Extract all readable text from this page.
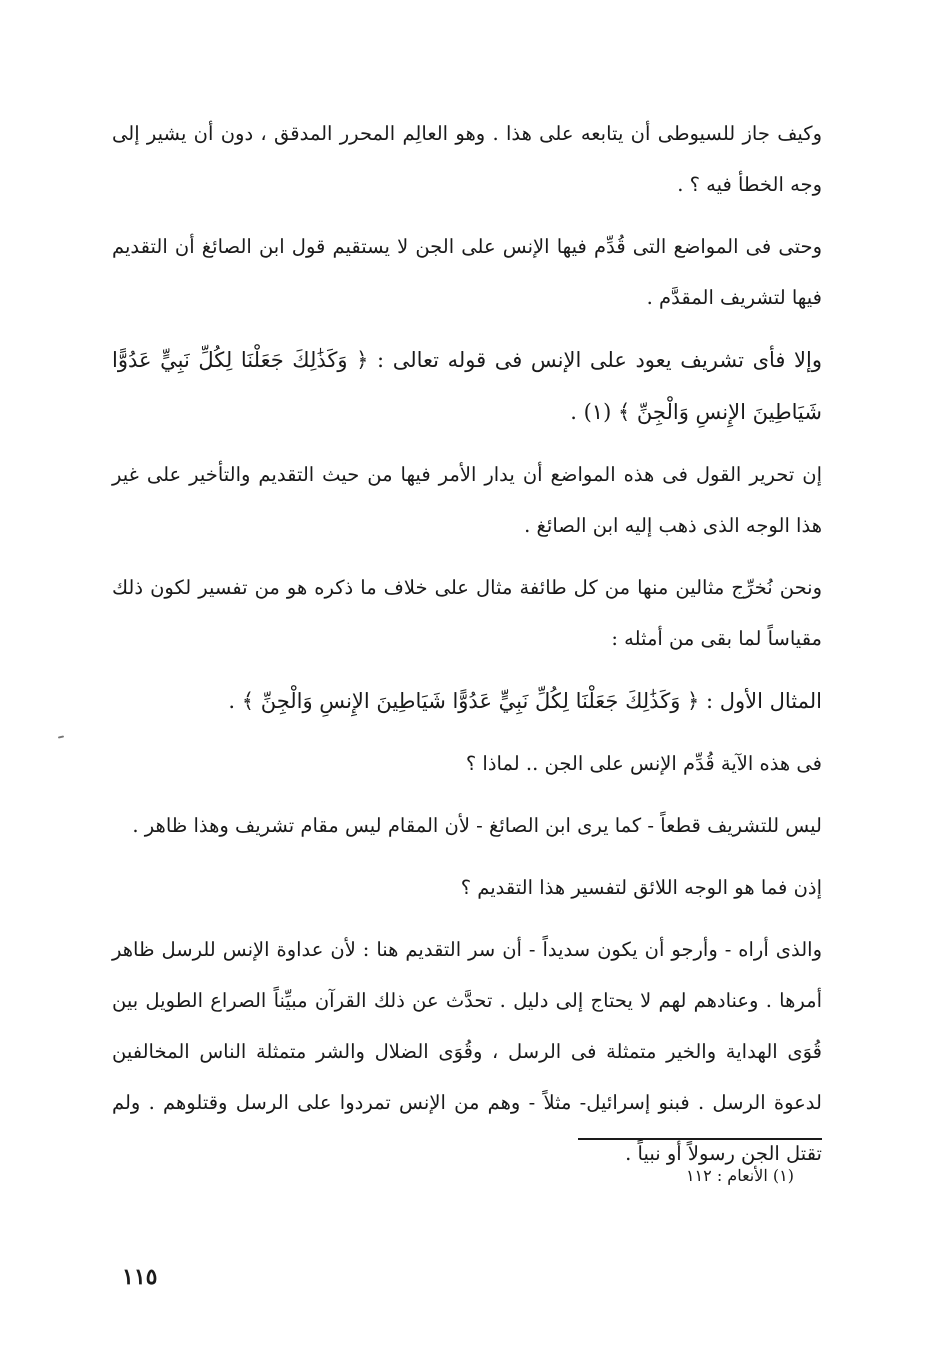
وكيف جاز للسيوطى أن يتابعه على هذا . وهو العالِم المحرر المدقق ، دون أن يشير إلى وجه الخطأ فيه ؟ .

وحتى فى المواضع التى قُدِّم فيها الإنس على الجن لا يستقيم قول ابن الصائغ أن التقديم فيها لتشريف المقدَّم .

وإلا فأى تشريف يعود على الإنس فى قوله تعالى : ﴿ وَكَذَٰلِكَ جَعَلْنَا لِكُلِّ نَبِيٍّ عَدُوًّا شَيَاطِينَ الإِنسِ وَالْجِنِّ ﴾ (١) .

إن تحرير القول فى هذه المواضع أن يدار الأمر فيها من حيث التقديم والتأخير على غير هذا الوجه الذى ذهب إليه ابن الصائغ .

ونحن نُخرِّج مثالين منها من كل طائفة مثال على خلاف ما ذكره هو من تفسير لكون ذلك مقياساً لما بقى من أمثله :

المثال الأول : ﴿ وَكَذَٰلِكَ جَعَلْنَا لِكُلِّ نَبِيٍّ عَدُوًّا شَيَاطِينَ الإِنسِ وَالْجِنِّ ﴾ .

فى هذه الآية قُدِّم الإنس على الجن .. لماذا ؟

ليس للتشريف قطعاً - كما يرى ابن الصائغ - لأن المقام ليس مقام تشريف وهذا ظاهر .

إذن فما هو الوجه اللائق لتفسير هذا التقديم ؟

والذى أراه - وأرجو أن يكون سديداً - أن سر التقديم هنا : لأن عداوة الإنس للرسل ظاهر أمرها . وعنادهم لهم لا يحتاج إلى دليل . تحدَّث عن ذلك القرآن مبيِّناً الصراع الطويل بين قُوَى الهداية والخير متمثلة فى الرسل ، وقُوَى الضلال والشر متمثلة الناس المخالفين لدعوة الرسل . فبنو إسرائيل- مثلاً - وهم من الإنس تمردوا على الرسل وقتلوهم . ولم تقتل الجن رسولاً أو نبياً .

(١) الأنعام : ١١٢
١١٥
